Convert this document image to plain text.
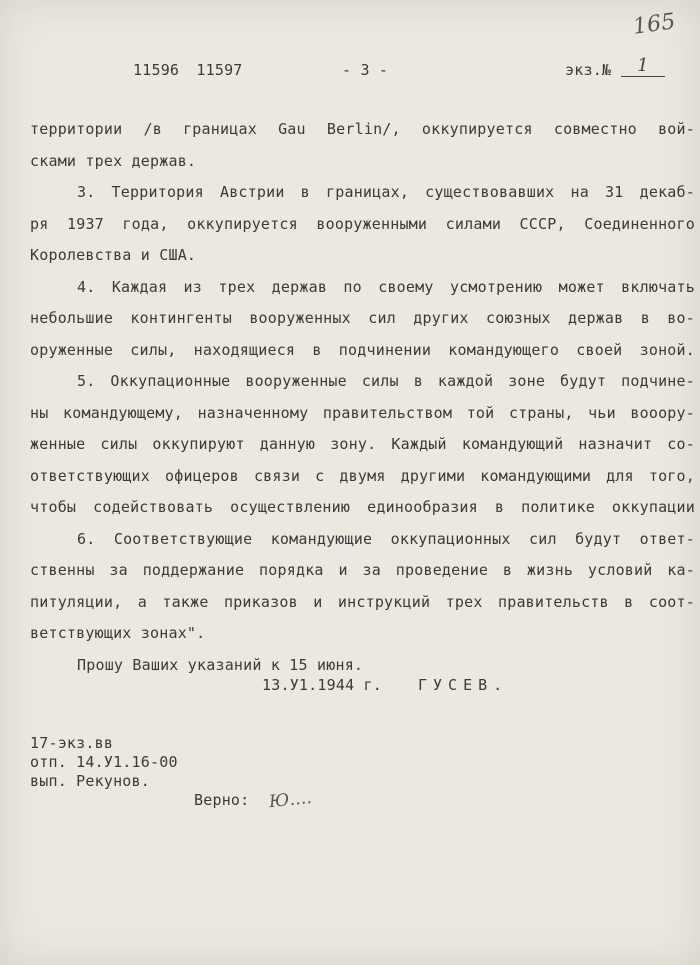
165
11596 11597	- 3 -	экз.№	1
территории /в границах Gau Berlin/, оккупируется совместно вой-
сками трех держав.
3. Территория Австрии в границах, существовавших на 31 декаб-
ря 1937 года, оккупируется вооруженными силами СССР, Соединенного
Королевства и США.
4. Каждая из трех держав по своему усмотрению может включать
небольшие контингенты вооруженных сил других союзных держав в во-
оруженные силы, находящиеся в подчинении командующего своей зоной.
5. Оккупационные вооруженные силы в каждой зоне будут подчине-
ны командующему, назначенному правительством той страны, чьи вооору-
женные силы оккупируют данную зону. Каждый командующий назначит со-
ответствующих офицеров связи с двумя другими командующими для того,
чтобы содействовать осуществлению единообразия в политике оккупации
6. Соответствующие командующие оккупационных сил будут ответ-
ственны за поддержание порядка и за проведение в жизнь условий ка-
питуляции, а также приказов и инструкций трех правительств в соот-
ветствующих зонах".
Прошу Ваших указаний к 15 июня.
13.У1.1944 г. ГУСЕВ.
17-экз.вв
отп. 14.У1.16-00
вып. Рекунов.
Верно: Ю....
